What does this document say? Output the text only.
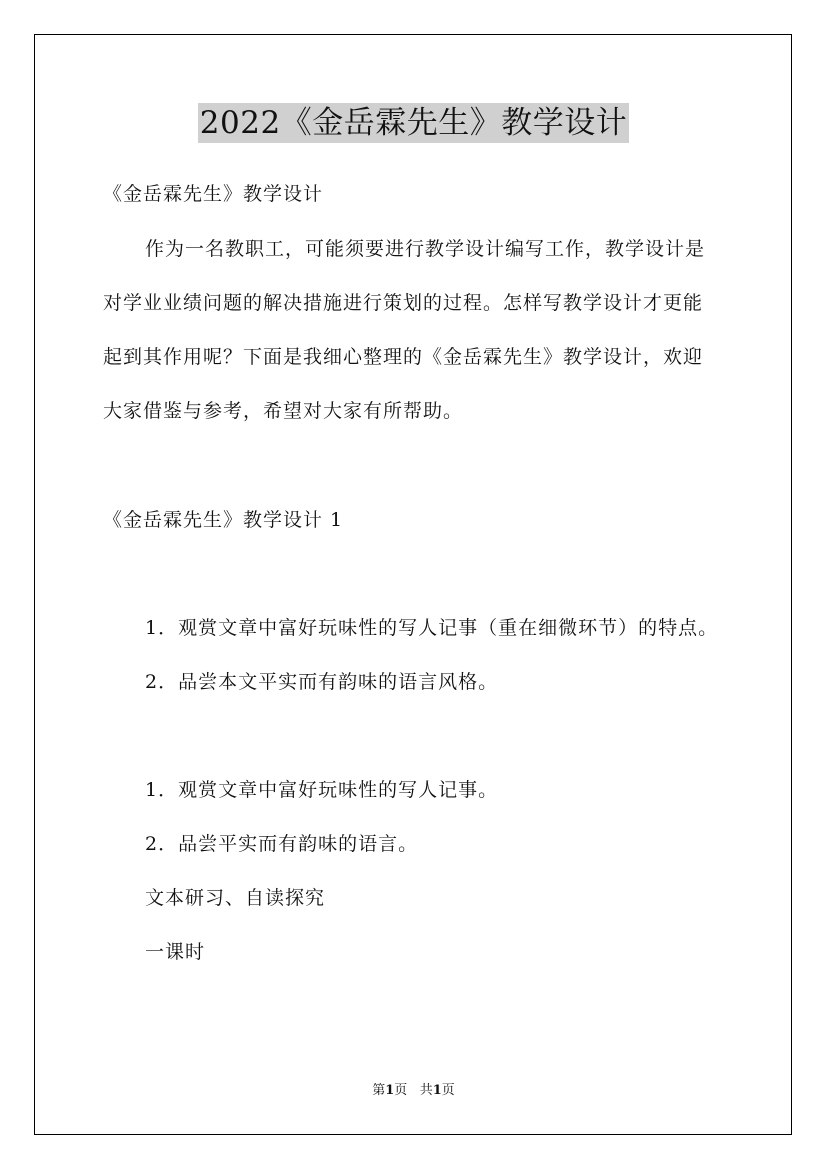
2022《金岳霖先生》教学设计
《金岳霖先生》教学设计
作为一名教职工，可能须要进行教学设计编写工作，教学设计是
对学业业绩问题的解决措施进行策划的过程。怎样写教学设计才更能
起到其作用呢？下面是我细心整理的《金岳霖先生》教学设计，欢迎
大家借鉴与参考，希望对大家有所帮助。
《金岳霖先生》教学设计 1
1．观赏文章中富好玩味性的写人记事（重在细微环节）的特点。
2．品尝本文平实而有韵味的语言风格。
1．观赏文章中富好玩味性的写人记事。
2．品尝平实而有韵味的语言。
文本研习、自读探究
一课时
第1页 共1页
